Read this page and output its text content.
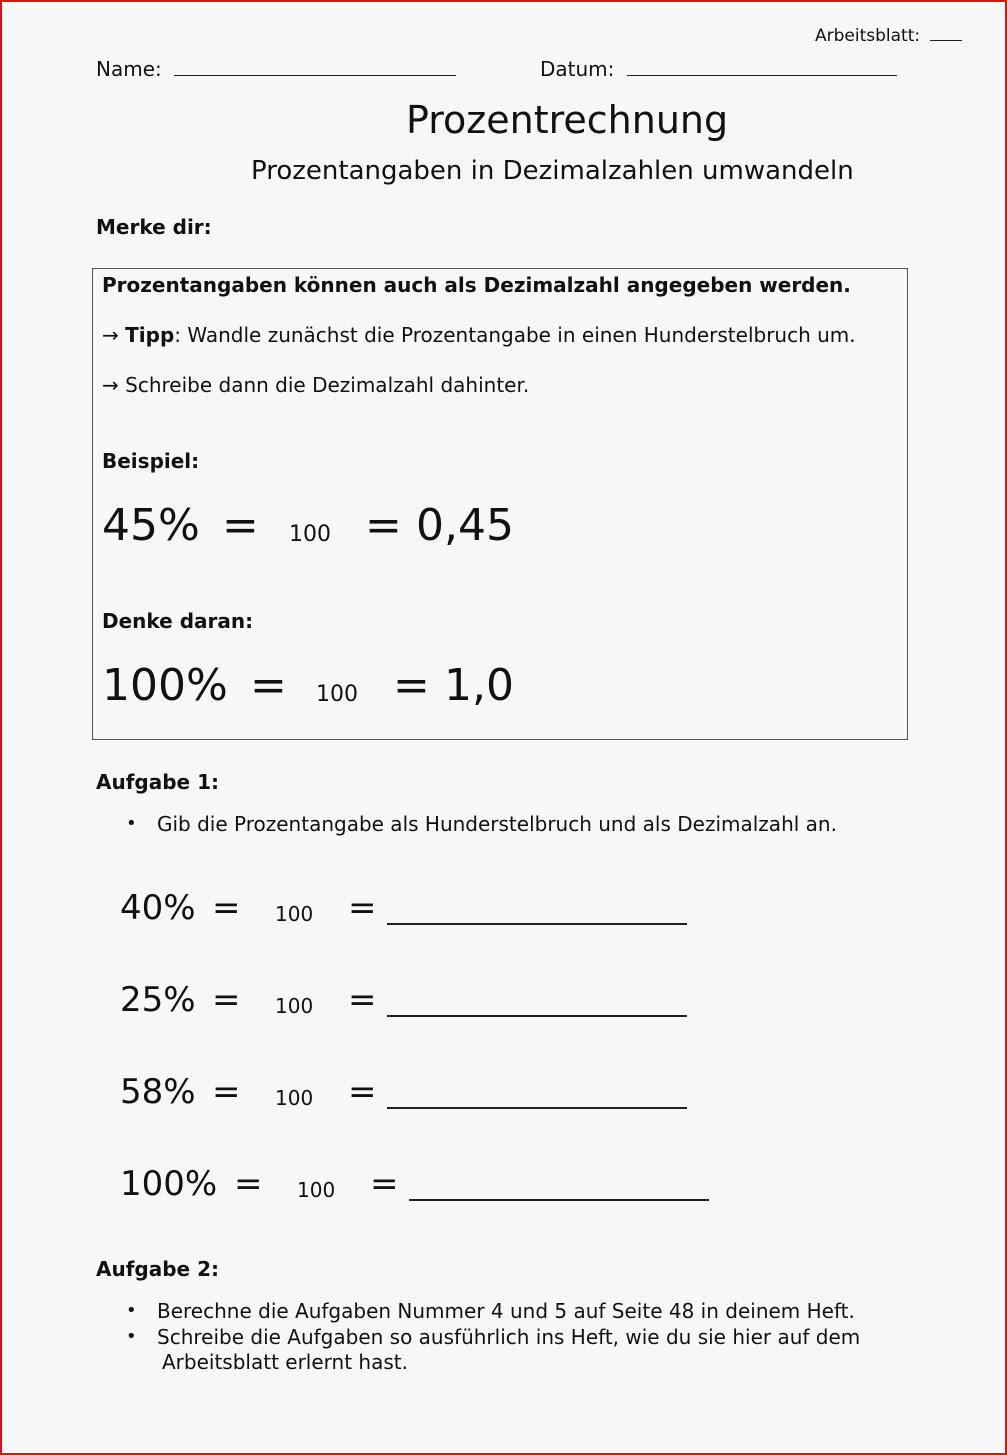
Arbeitsblatt:
Name:	Datum:
Prozentrechnung
Prozentangaben in Dezimalzahlen umwandeln
Merke dir:
Prozentangaben können auch als Dezimalzahl angegeben werden.
→ Tipp: Wandle zunächst die Prozentangabe in einen Hunderstelbruch um.
→ Schreibe dann die Dezimalzahl dahinter.
Beispiel:
45% = 100 = 0,45
Denke daran:
100% = 100 = 1,0
Aufgabe 1:
• Gib die Prozentangabe als Hunderstelbruch und als Dezimalzahl an.
40% = 100 =
25% = 100 =
58% = 100 =
100% = 100 =
Aufgabe 2:
• Berechne die Aufgaben Nummer 4 und 5 auf Seite 48 in deinem Heft.
• Schreibe die Aufgaben so ausführlich ins Heft, wie du sie hier auf dem
Arbeitsblatt erlernt hast.
